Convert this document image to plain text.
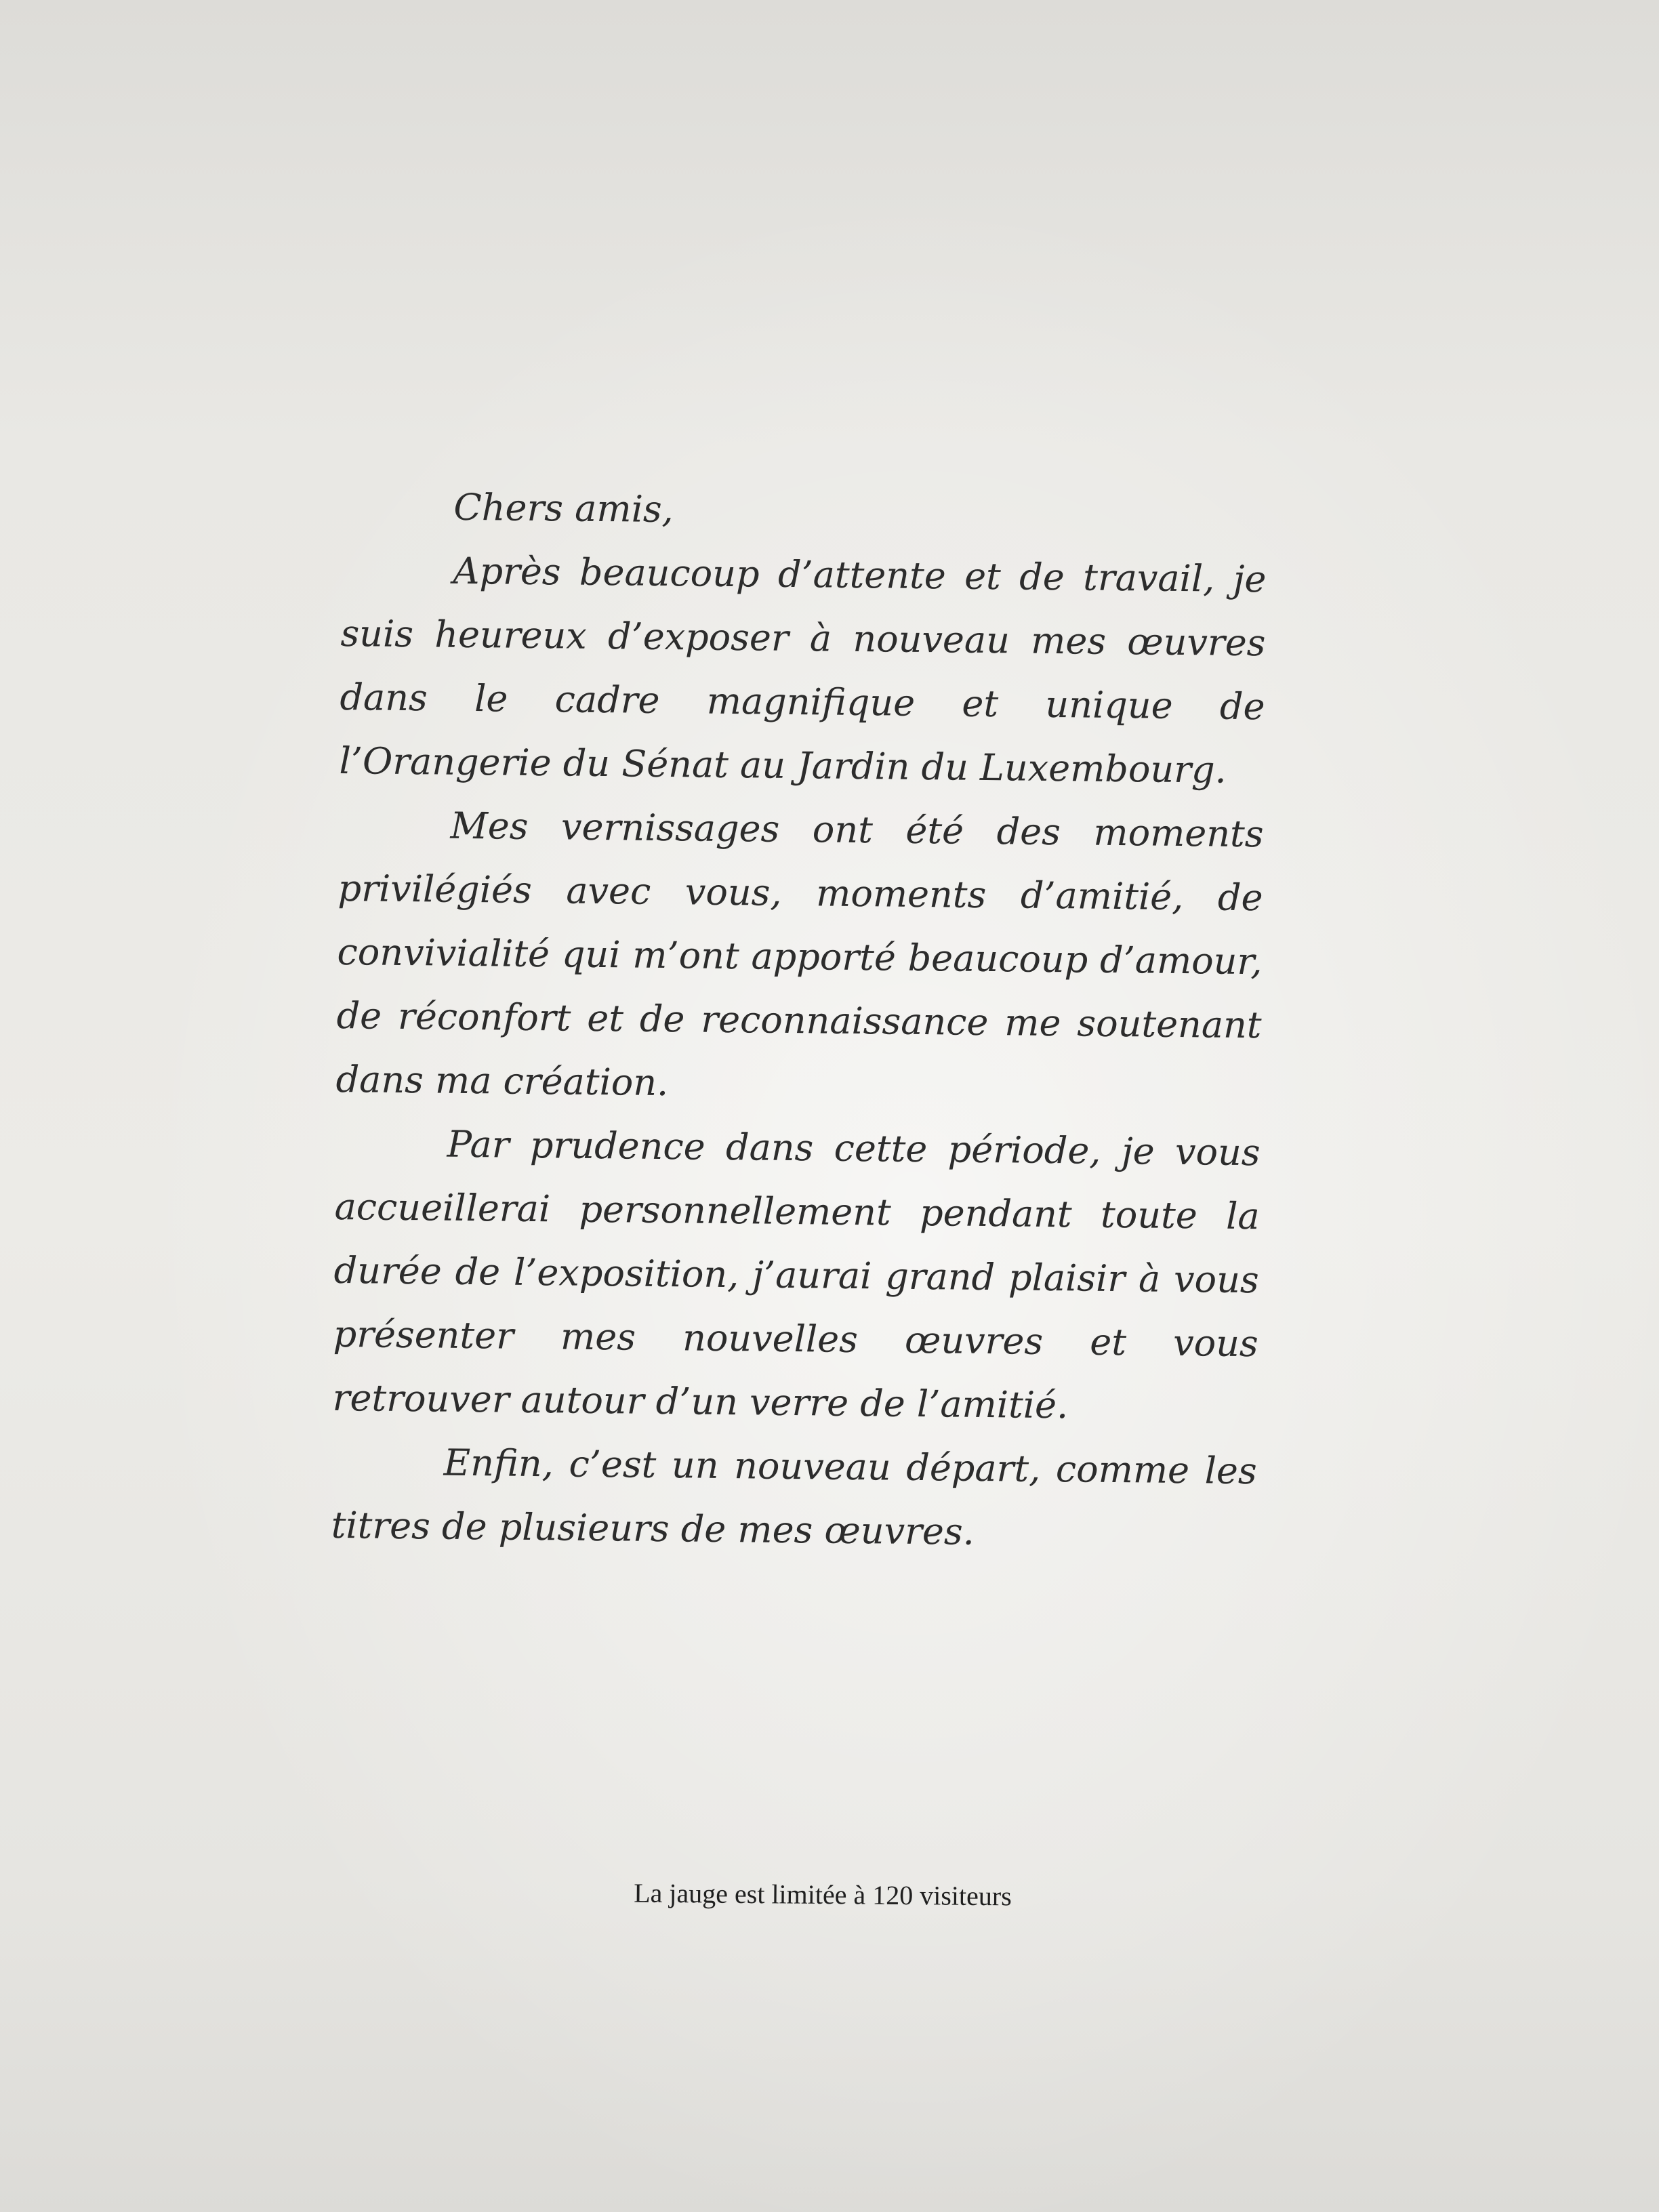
Chers amis,

Après beaucoup d’attente et de travail, je suis heureux d’exposer à nouveau mes œuvres dans le cadre magnifique et unique de l’Orangerie du Sénat au Jardin du Luxembourg.

Mes vernissages ont été des moments privilégiés avec vous, moments d’amitié, de convivialité qui m’ont apporté beaucoup d’amour, de réconfort et de reconnaissance me soutenant dans ma création.

Par prudence dans cette période, je vous accueillerai personnellement pendant toute la durée de l’exposition, j’aurai grand plaisir à vous présenter mes nouvelles œuvres et vous retrouver autour d’un verre de l’amitié.

Enfin, c’est un nouveau départ, comme les titres de plusieurs de mes œuvres.

La jauge est limitée à 120 visiteurs
